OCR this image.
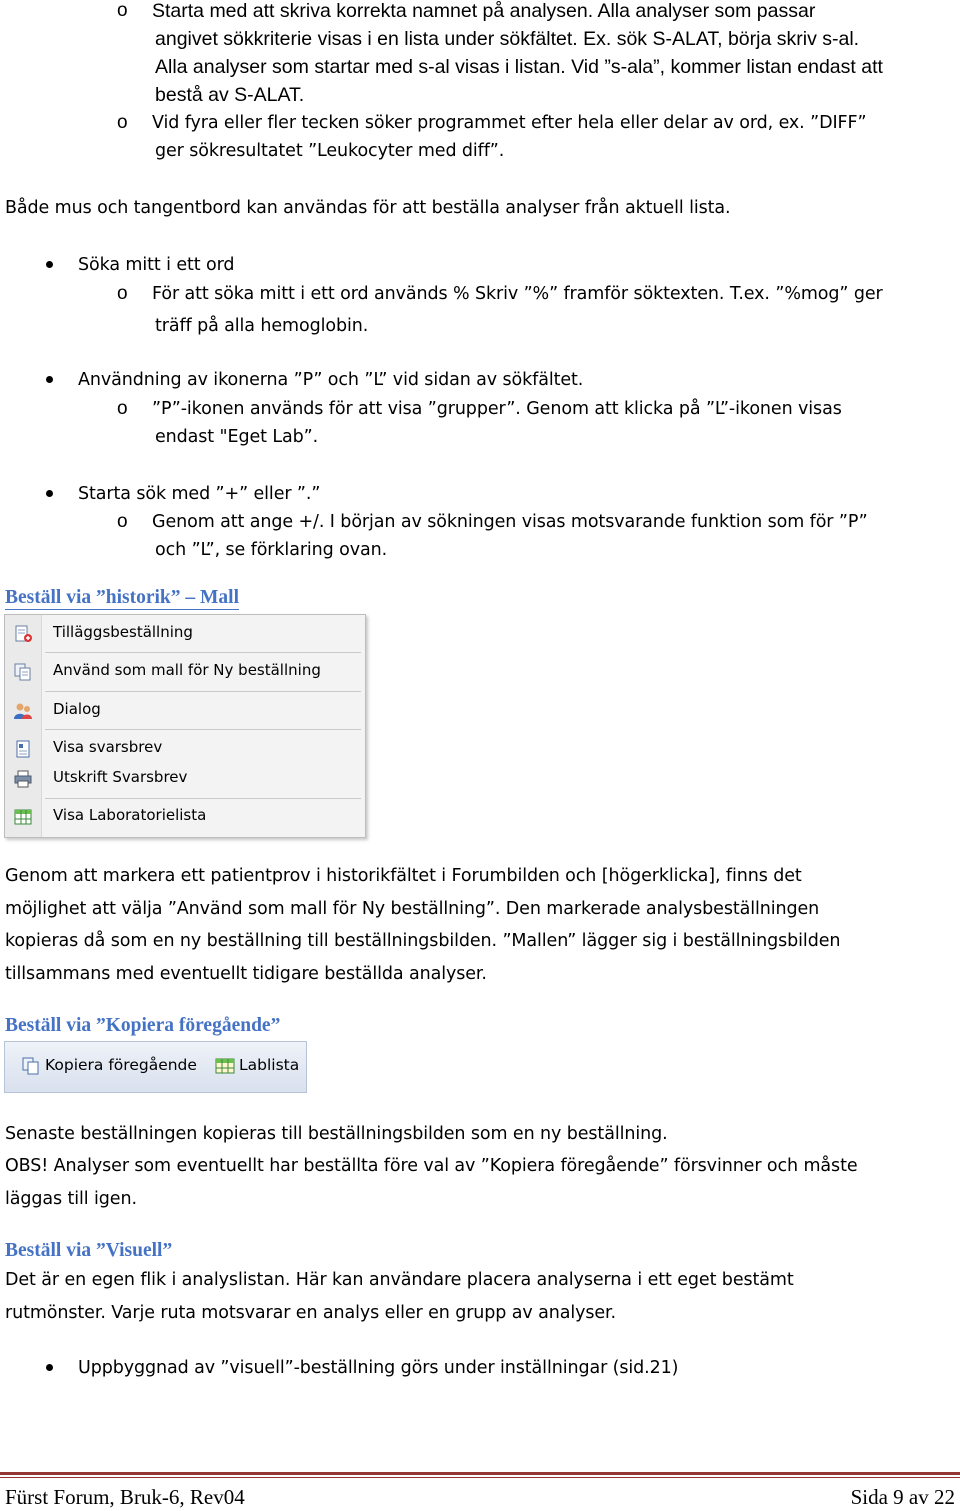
o Starta med att skriva korrekta namnet på analysen. Alla analyser som passar
angivet sökkriterie visas i en lista under sökfältet. Ex. sök S-ALAT, börja skriv s-al.
Alla analyser som startar med s-al visas i listan. Vid ”s-ala”, kommer listan endast att
bestå av S-ALAT.
o Vid fyra eller fler tecken söker programmet efter hela eller delar av ord, ex. ”DIFF”
ger sökresultatet ”Leukocyter med diff”.
Både mus och tangentbord kan användas för att beställa analyser från aktuell lista.
Söka mitt i ett ord
o För att söka mitt i ett ord används % Skriv ”%” framför söktexten. T.ex. ”%mog” ger
träff på alla hemoglobin.
Användning av ikonerna ”P” och ”L” vid sidan av sökfältet.
o ”P”-ikonen används för att visa ”grupper”. Genom att klicka på ”L”-ikonen visas
endast "Eget Lab”.
Starta sök med ”+” eller ”.”
o Genom att ange +/. I början av sökningen visas motsvarande funktion som för ”P”
och ”L”, se förklaring ovan.
Beställ via ”historik” – Mall
Tilläggsbeställning
Använd som mall för Ny beställning
Dialog
Visa svarsbrev
Utskrift Svarsbrev
Visa Laboratorielista
Genom att markera ett patientprov i historikfältet i Forumbilden och [högerklicka], finns det
möjlighet att välja ”Använd som mall för Ny beställning”. Den markerade analysbeställningen
kopieras då som en ny beställning till beställningsbilden. ”Mallen” lägger sig i beställningsbilden
tillsammans med eventuellt tidigare beställda analyser.
Beställ via ”Kopiera föregående”
Kopiera föregående	Lablista
Senaste beställningen kopieras till beställningsbilden som en ny beställning.
OBS! Analyser som eventuellt har beställta före val av ”Kopiera föregående” försvinner och måste
läggas till igen.
Beställ via ”Visuell”
Det är en egen flik i analyslistan. Här kan användare placera analyserna i ett eget bestämt
rutmönster. Varje ruta motsvarar en analys eller en grupp av analyser.
Uppbyggnad av ”visuell”-beställning görs under inställningar (sid.21)
Fürst Forum, Bruk-6, Rev04	Sida 9 av 22
